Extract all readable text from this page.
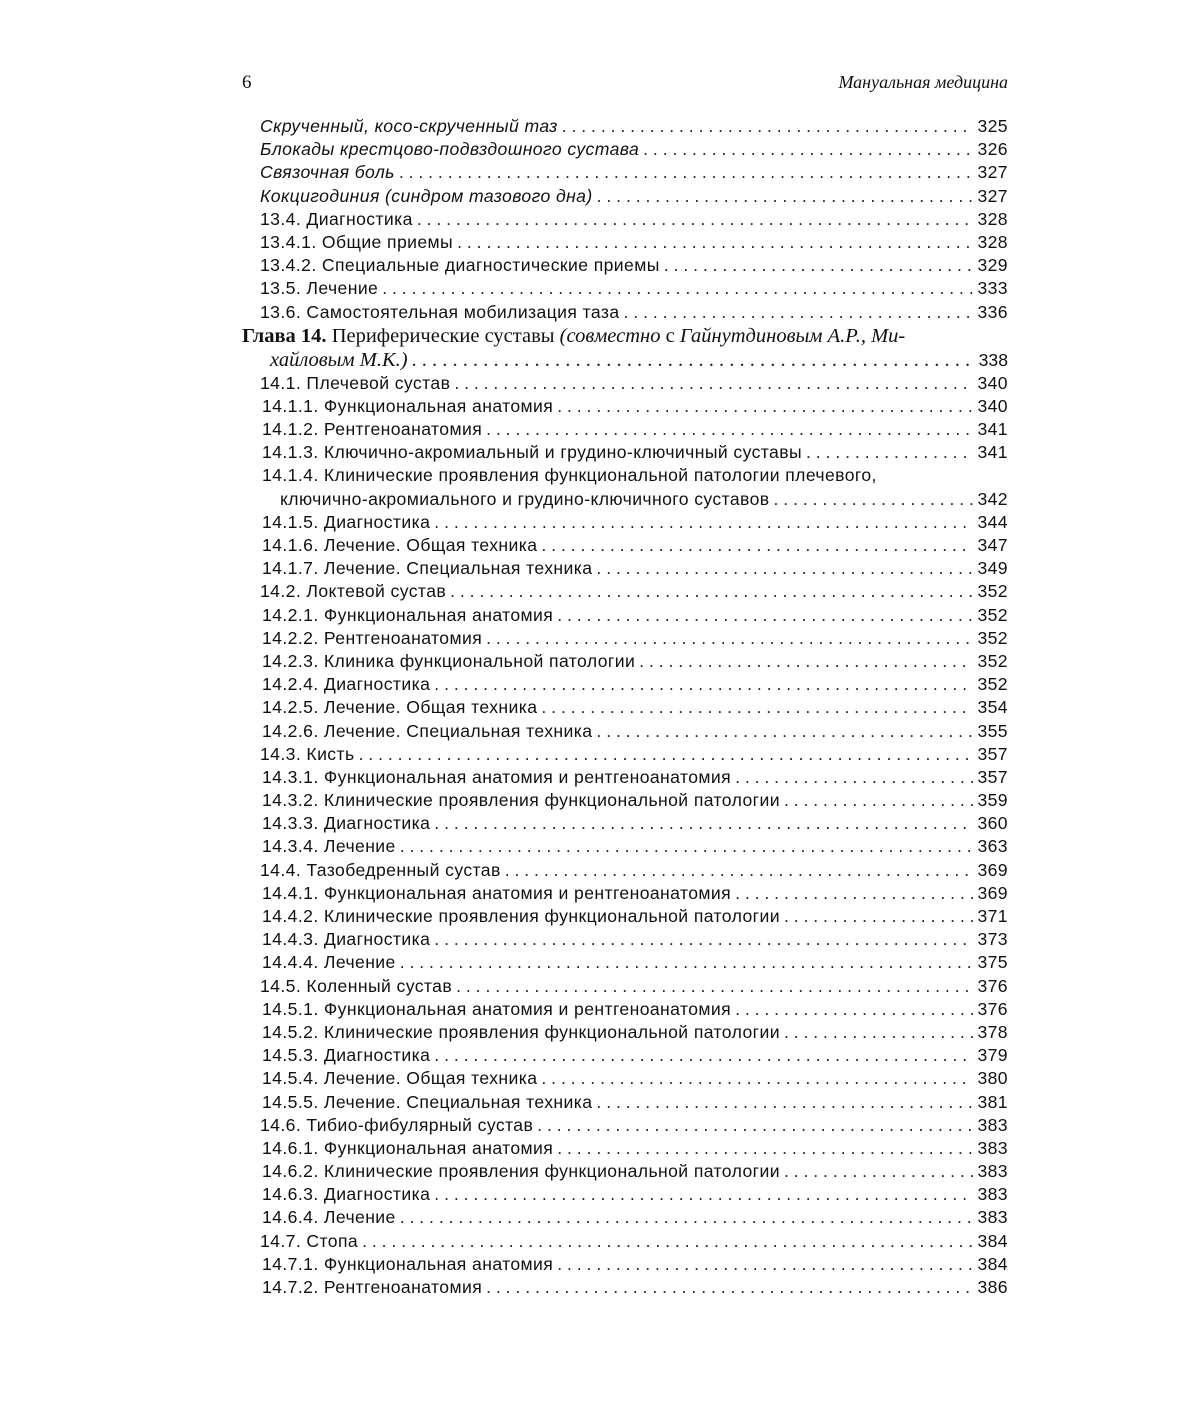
6	Мануальная медицина
Скрученный, косо-скрученный таз . . .	325
Блокады крестцово-подвздошного сустава . . .	326
Связочная боль . . .	327
Кокцигодиния (синдром тазового дна) . . .	327
13.4. Диагностика . . .	328
13.4.1. Общие приемы . . .	328
13.4.2. Специальные диагностические приемы . . .	329
13.5. Лечение . . .	333
13.6. Самостоятельная мобилизация таза . . .	336
Глава 14. Периферические суставы (совместно с Гайнутдиновым А.Р., Ми-
хайловым М.К.) . . .	338
14.1. Плечевой сустав . . .	340
14.1.1. Функциональная анатомия . . .	340
14.1.2. Рентгеноанатомия . . .	341
14.1.3. Ключично-акромиальный и грудино-ключичный суставы . . .	341
14.1.4. Клинические проявления функциональной патологии плечевого,
ключично-акромиального и грудино-ключичного суставов . . .	342
14.1.5. Диагностика . . .	344
14.1.6. Лечение. Общая техника . . .	347
14.1.7. Лечение. Специальная техника . . .	349
14.2. Локтевой сустав . . .	352
14.2.1. Функциональная анатомия . . .	352
14.2.2. Рентгеноанатомия . . .	352
14.2.3. Клиника функциональной патологии . . .	352
14.2.4. Диагностика . . .	352
14.2.5. Лечение. Общая техника . . .	354
14.2.6. Лечение. Специальная техника . . .	355
14.3. Кисть . . .	357
14.3.1. Функциональная анатомия и рентгеноанатомия . . .	357
14.3.2. Клинические проявления функциональной патологии . . .	359
14.3.3. Диагностика . . .	360
14.3.4. Лечение . . .	363
14.4. Тазобедренный сустав . . .	369
14.4.1. Функциональная анатомия и рентгеноанатомия . . .	369
14.4.2. Клинические проявления функциональной патологии . . .	371
14.4.3. Диагностика . . .	373
14.4.4. Лечение . . .	375
14.5. Коленный сустав . . .	376
14.5.1. Функциональная анатомия и рентгеноанатомия . . .	376
14.5.2. Клинические проявления функциональной патологии . . .	378
14.5.3. Диагностика . . .	379
14.5.4. Лечение. Общая техника . . .	380
14.5.5. Лечение. Специальная техника . . .	381
14.6. Тибио-фибулярный сустав . . .	383
14.6.1. Функциональная анатомия . . .	383
14.6.2. Клинические проявления функциональной патологии . . .	383
14.6.3. Диагностика . . .	383
14.6.4. Лечение . . .	383
14.7. Стопа . . .	384
14.7.1. Функциональная анатомия . . .	384
14.7.2. Рентгеноанатомия . . .	386
